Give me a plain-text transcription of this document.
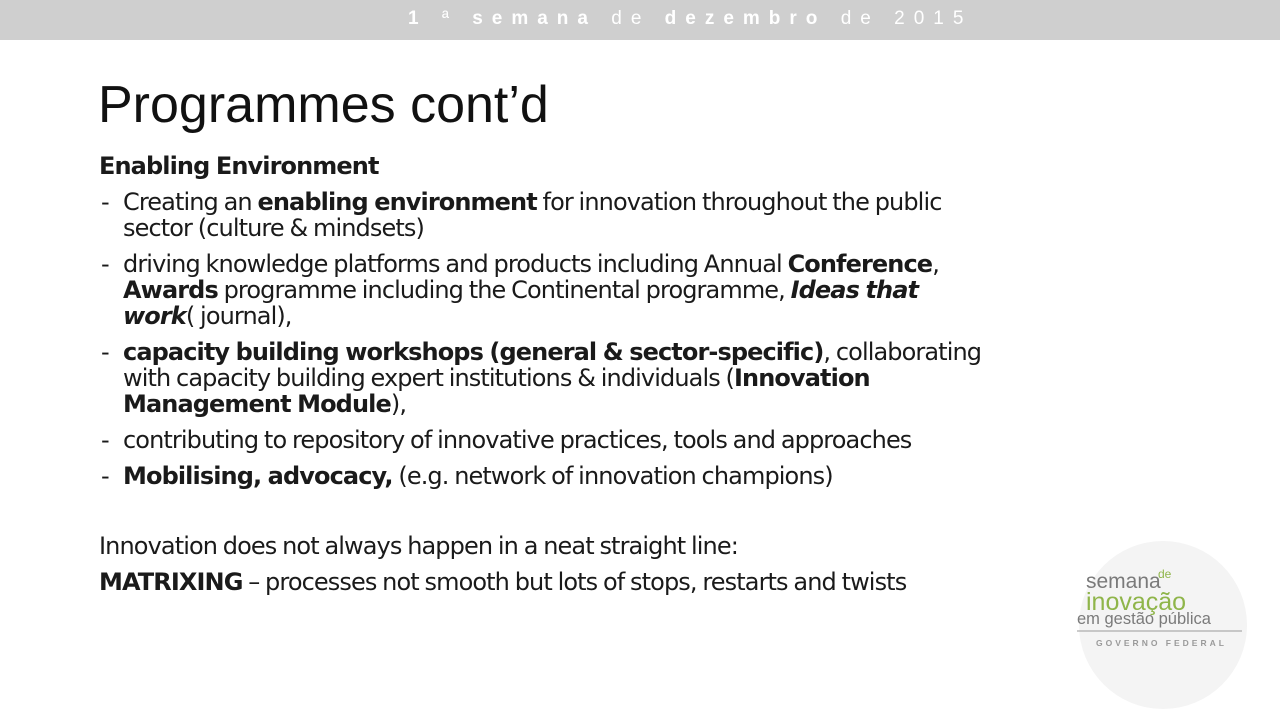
1 ª semana de dezembro de 2015
Programmes cont’d

Enabling Environment

- Creating an enabling environment for innovation throughout the public
sector (culture & mindsets)
- driving knowledge platforms and products including Annual Conference,
Awards programme including the Continental programme, Ideas that
work( journal),
- capacity building workshops (general & sector-specific), collaborating
with capacity building expert institutions & individuals (Innovation
Management Module),
- contributing to repository of innovative practices, tools and approaches
- Mobilising, advocacy, (e.g. network of innovation champions)

Innovation does not always happen in a neat straight line:

MATRIXING – processes not smooth but lots of stops, restarts and twists	semana
de
inovação
em gestão pública
GOVERNO FEDERAL
